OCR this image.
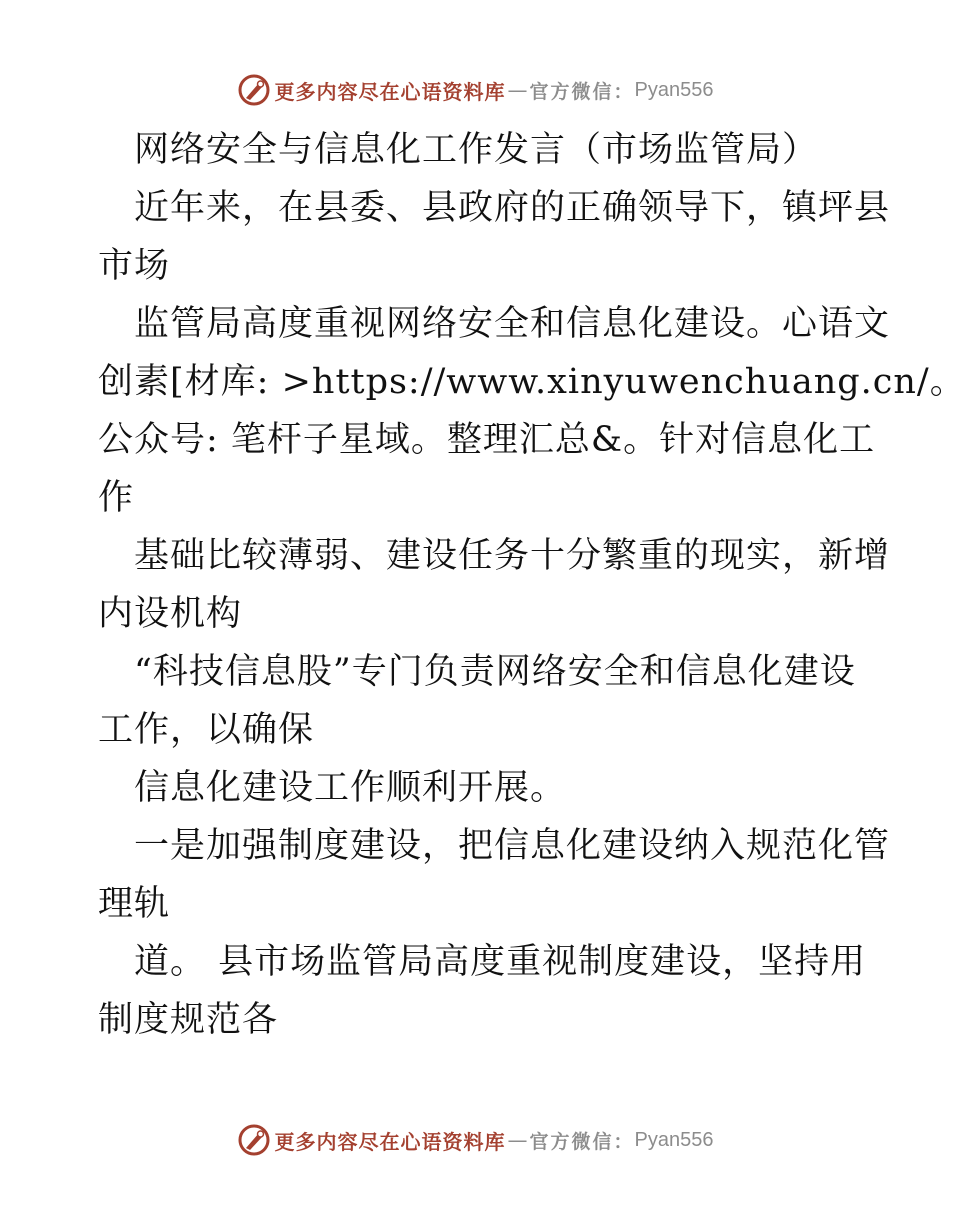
更多内容尽在心语资料库 — 官方微信： Pyan556
网络安全与信息化工作发言（市场监管局）
近年来，在县委、县政府的正确领导下，镇坪县
市场
监管局高度重视网络安全和信息化建设。心语文
创素[材库: >https://www.xinyuwenchuang.cn/。
公众号: 笔杆子星域。整理汇总&。针对信息化工
作
基础比较薄弱、建设任务十分繁重的现实，新增
内设机构
“科技信息股”专门负责网络安全和信息化建设
工作，以确保
信息化建设工作顺利开展。
一是加强制度建设，把信息化建设纳入规范化管
理轨
道。 县市场监管局高度重视制度建设，坚持用
制度规范各
更多内容尽在心语资料库 — 官方微信： Pyan556
